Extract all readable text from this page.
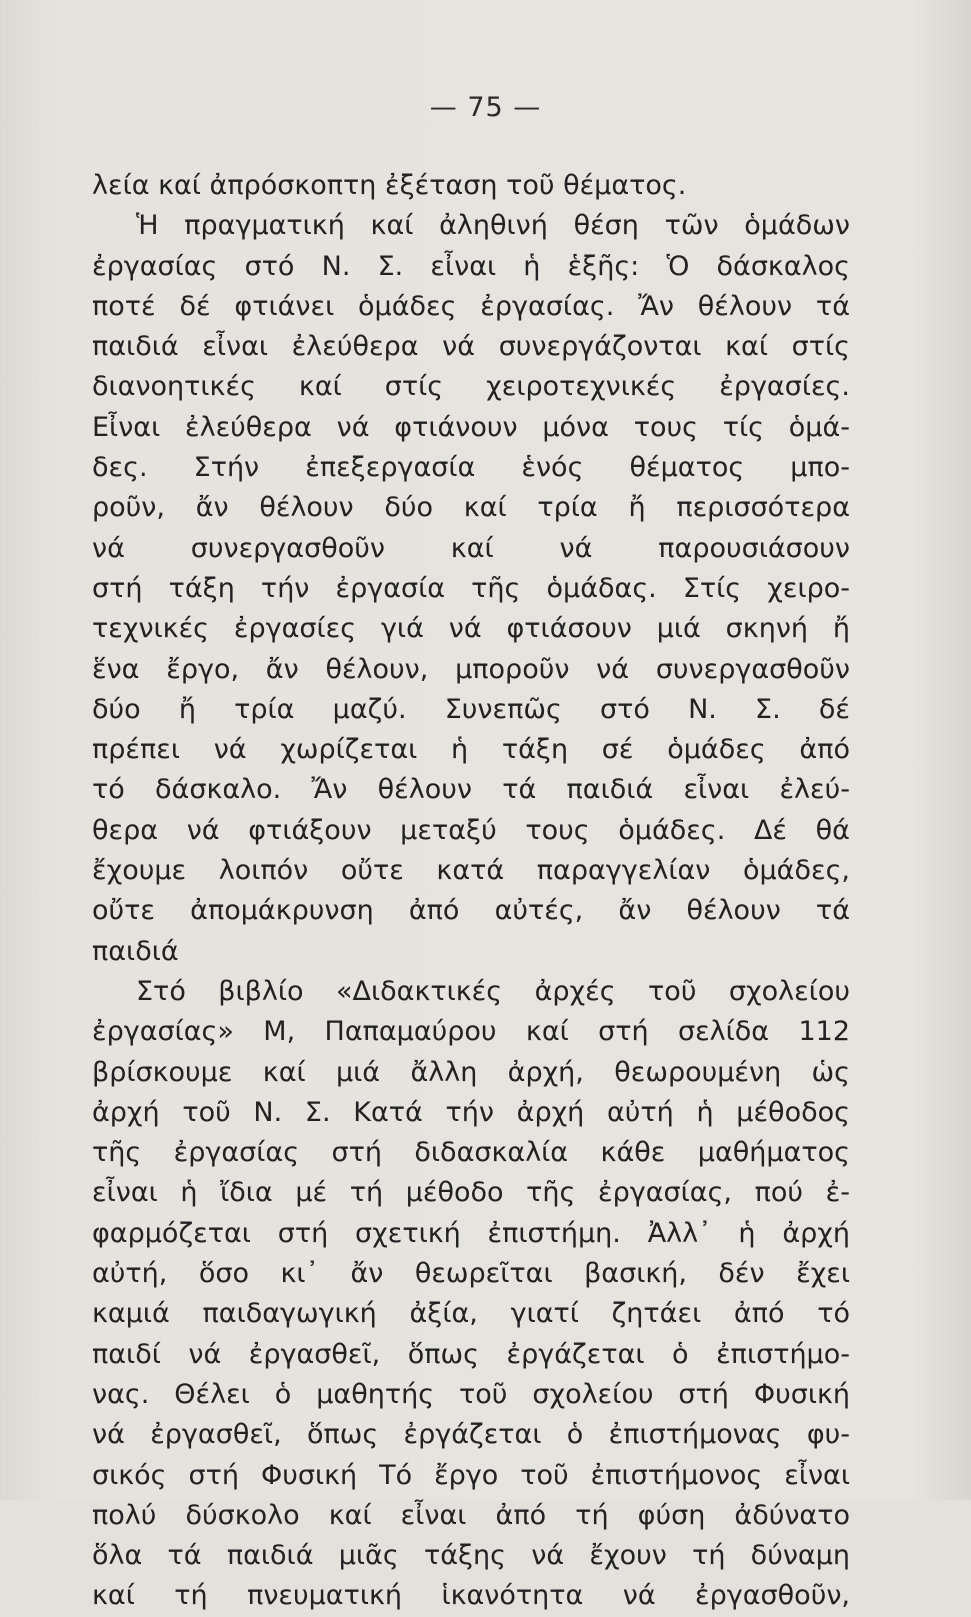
— 75 —
λεία καί ἀπρόσκοπτη ἐξέταση τοῦ θέματος.
Ἡ πραγματική καί ἀληθινή θέση τῶν ὁμάδων
ἐργασίας στό Ν. Σ. εἶναι ἡ ἑξῆς: Ὁ δάσκαλος
ποτέ δέ φτιάνει ὁμάδες ἐργασίας. Ἄν θέλουν τά
παιδιά εἶναι ἐλεύθερα νά συνεργάζονται καί στίς
διανοητικές καί στίς χειροτεχνικές ἐργασίες.
Εἶναι ἐλεύθερα νά φτιάνουν μόνα τους τίς ὁμά-
δες. Στήν ἐπεξεργασία ἑνός θέματος μπο-
ροῦν, ἄν θέλουν δύο καί τρία ἤ περισσότερα
νά συνεργασθοῦν καί νά παρουσιάσουν
στή τάξη τήν ἐργασία τῆς ὁμάδας. Στίς χειρο-
τεχνικές ἐργασίες γιά νά φτιάσουν μιά σκηνή ἤ
ἕνα ἔργο, ἄν θέλουν, μποροῦν νά συνεργασθοῦν
δύο ἤ τρία μαζύ. Συνεπῶς στό Ν. Σ. δέ
πρέπει νά χωρίζεται ἡ τάξη σέ ὁμάδες ἀπό
τό δάσκαλο. Ἄν θέλουν τά παιδιά εἶναι ἐλεύ-
θερα νά φτιάξουν μεταξύ τους ὁμάδες. Δέ θά
ἔχουμε λοιπόν οὔτε κατά παραγγελίαν ὁμάδες,
οὔτε ἀπομάκρυνση ἀπό αὐτές, ἄν θέλουν τά
παιδιά
Στό βιβλίο «Διδακτικές ἀρχές τοῦ σχολείου
ἐργασίας» Μ, Παπαμαύρου καί στή σελίδα 112
βρίσκουμε καί μιά ἄλλη ἀρχή, θεωρουμένη ὡς
ἀρχή τοῦ Ν. Σ. Κατά τήν ἀρχή αὐτή ἡ μέθοδος
τῆς ἐργασίας στή διδασκαλία κάθε μαθήματος
εἶναι ἡ ἴδια μέ τή μέθοδο τῆς ἐργασίας, πού ἐ-
φαρμόζεται στή σχετική ἐπιστήμη. Ἀλλ᾽ ἡ ἀρχή
αὐτή, ὅσο κι᾽ ἄν θεωρεῖται βασική, δέν ἔχει
καμιά παιδαγωγική ἀξία, γιατί ζητάει ἀπό τό
παιδί νά ἐργασθεῖ, ὅπως ἐργάζεται ὁ ἐπιστήμο-
νας. Θέλει ὁ μαθητής τοῦ σχολείου στή Φυσική
νά ἐργασθεῖ, ὅπως ἐργάζεται ὁ ἐπιστήμονας φυ-
σικός στή Φυσική Τό ἔργο τοῦ ἐπιστήμονος εἶναι
πολύ δύσκολο καί εἶναι ἀπό τή φύση ἀδύνατο
ὅλα τά παιδιά μιᾶς τάξης νά ἔχουν τή δύναμη
καί τή πνευματική ἱκανότητα νά ἐργασθοῦν,
